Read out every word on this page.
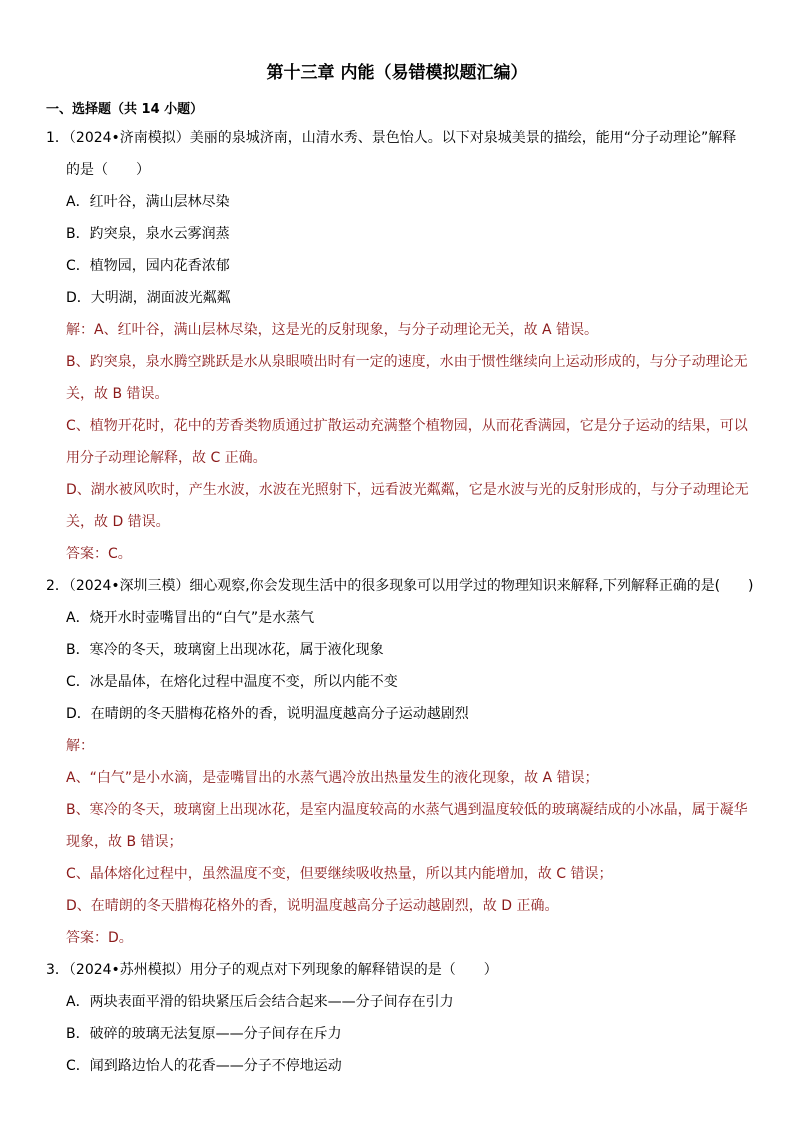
第十三章 内能（易错模拟题汇编）
一、选择题（共 14 小题）
1．（2024•济南模拟）美丽的泉城济南，山清水秀、景色怡人。以下对泉城美景的描绘，能用“分子动理论”解释
的是（　　）
A．红叶谷，满山层林尽染
B．趵突泉，泉水云雾润蒸
C．植物园，园内花香浓郁
D．大明湖，湖面波光粼粼
解：A、红叶谷，满山层林尽染，这是光的反射现象，与分子动理论无关，故 A 错误。
B、趵突泉，泉水腾空跳跃是水从泉眼喷出时有一定的速度，水由于惯性继续向上运动形成的，与分子动理论无
关，故 B 错误。
C、植物开花时，花中的芳香类物质通过扩散运动充满整个植物园，从而花香满园，它是分子运动的结果，可以
用分子动理论解释，故 C 正确。
D、湖水被风吹时，产生水波，水波在光照射下，远看波光粼粼，它是水波与光的反射形成的，与分子动理论无
关，故 D 错误。
答案：C。
2．（2024•深圳三模）细心观察,你会发现生活中的很多现象可以用学过的物理知识来解释,下列解释正确的是(　　)
A．烧开水时壶嘴冒出的“白气”是水蒸气
B．寒冷的冬天，玻璃窗上出现冰花，属于液化现象
C．冰是晶体，在熔化过程中温度不变，所以内能不变
D．在晴朗的冬天腊梅花格外的香，说明温度越高分子运动越剧烈
解：
A、“白气”是小水滴，是壶嘴冒出的水蒸气遇冷放出热量发生的液化现象，故 A 错误；
B、寒冷的冬天，玻璃窗上出现冰花，是室内温度较高的水蒸气遇到温度较低的玻璃凝结成的小冰晶，属于凝华
现象，故 B 错误；
C、晶体熔化过程中，虽然温度不变，但要继续吸收热量，所以其内能增加，故 C 错误；
D、在晴朗的冬天腊梅花格外的香，说明温度越高分子运动越剧烈，故 D 正确。
答案：D。
3．（2024•苏州模拟）用分子的观点对下列现象的解释错误的是（　　）
A．两块表面平滑的铅块紧压后会结合起来——分子间存在引力
B．破碎的玻璃无法复原——分子间存在斥力
C．闻到路边怡人的花香——分子不停地运动
